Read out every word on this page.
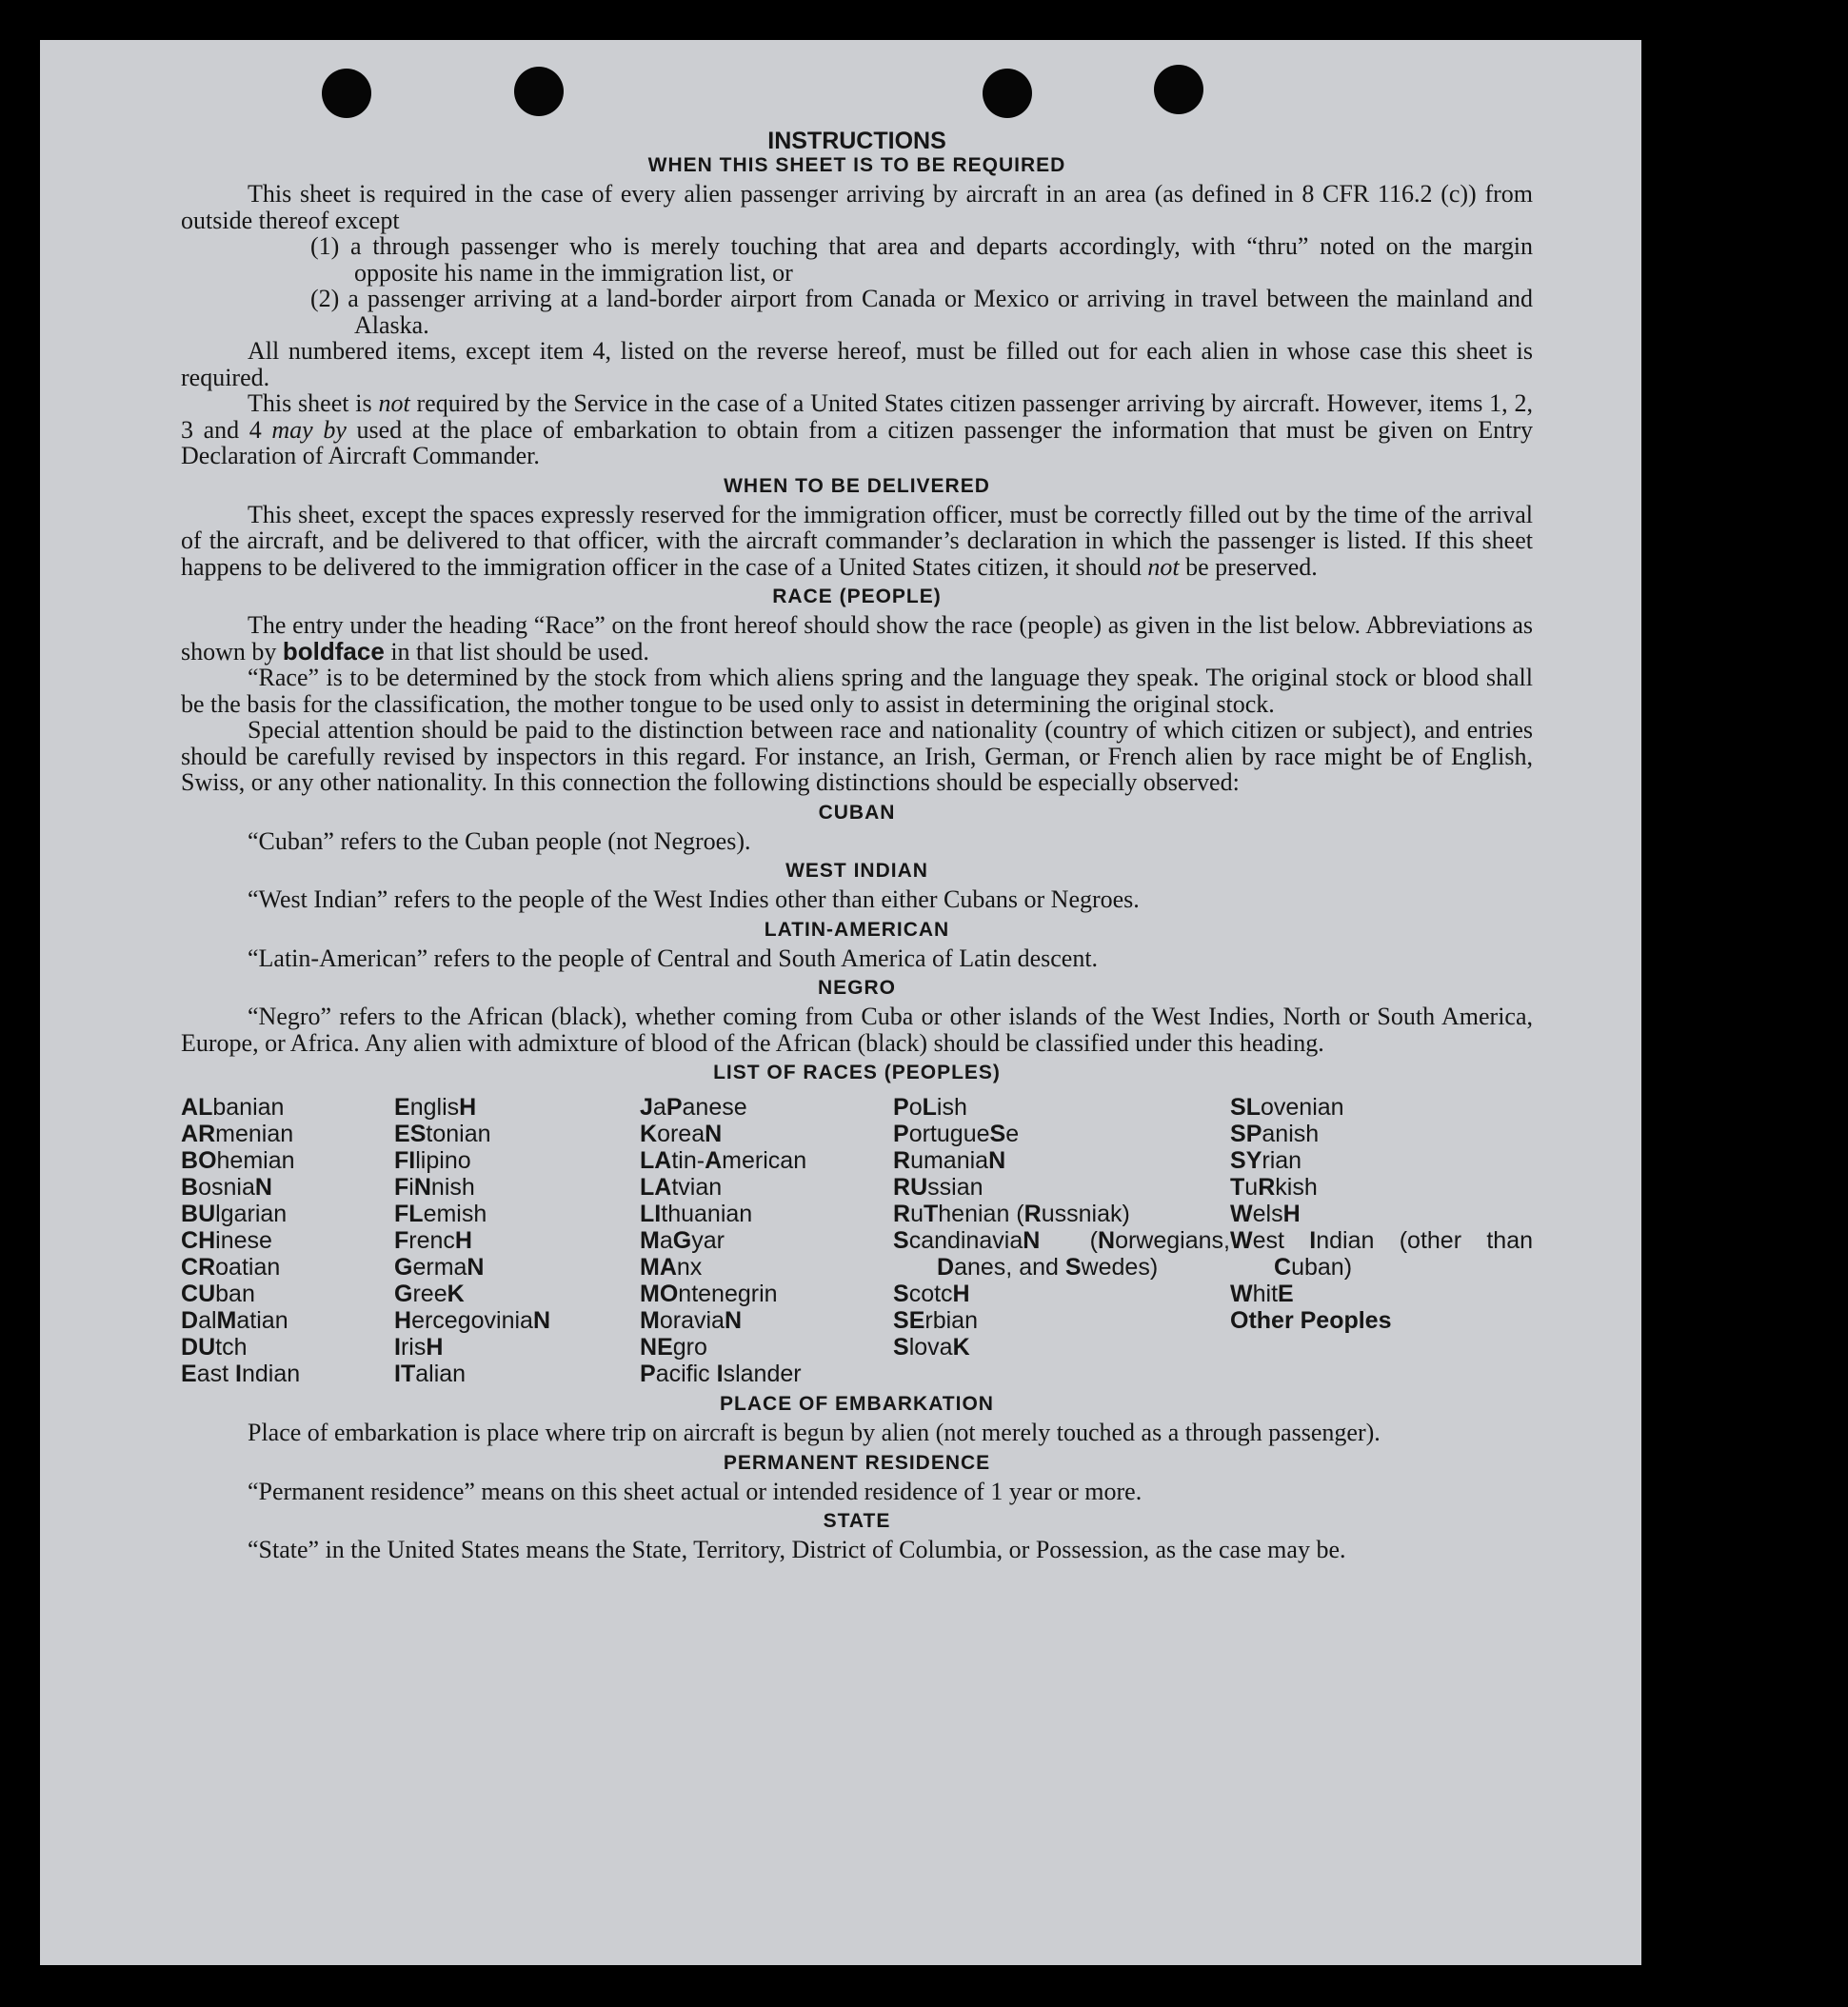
INSTRUCTIONS
WHEN THIS SHEET IS TO BE REQUIRED

This sheet is required in the case of every alien passenger arriving by aircraft in an area (as defined in 8 CFR 116.2 (c)) from outside thereof except

(1) a through passenger who is merely touching that area and departs accordingly, with “thru” noted on the margin opposite his name in the immigration list, or
(2) a passenger arriving at a land-border airport from Canada or Mexico or arriving in travel between the mainland and Alaska.

All numbered items, except item 4, listed on the reverse hereof, must be filled out for each alien in whose case this sheet is required.

This sheet is not required by the Service in the case of a United States citizen passenger arriving by aircraft. However, items 1, 2, 3 and 4 may by used at the place of embarkation to obtain from a citizen passenger the information that must be given on Entry Declaration of Aircraft Commander.

WHEN TO BE DELIVERED

This sheet, except the spaces expressly reserved for the immigration officer, must be correctly filled out by the time of the arrival of the aircraft, and be delivered to that officer, with the aircraft commander’s declaration in which the passenger is listed. If this sheet happens to be delivered to the immigration officer in the case of a United States citizen, it should not be preserved.

RACE (PEOPLE)

The entry under the heading “Race” on the front hereof should show the race (people) as given in the list below. Abbreviations as shown by boldface in that list should be used.

“Race” is to be determined by the stock from which aliens spring and the language they speak. The original stock or blood shall be the basis for the classification, the mother tongue to be used only to assist in determining the original stock.

Special attention should be paid to the distinction between race and nationality (country of which citizen or subject), and entries should be carefully revised by inspectors in this regard. For instance, an Irish, German, or French alien by race might be of English, Swiss, or any other nationality. In this connection the following distinctions should be especially observed:

CUBAN

“Cuban” refers to the Cuban people (not Negroes).

WEST INDIAN

“West Indian” refers to the people of the West Indies other than either Cubans or Negroes.

LATIN-AMERICAN

“Latin-American” refers to the people of Central and South America of Latin descent.

NEGRO

“Negro” refers to the African (black), whether coming from Cuba or other islands of the West Indies, North or South America, Europe, or Africa. Any alien with admixture of blood of the African (black) should be classified under this heading.

LIST OF RACES (PEOPLES)
ALbanian
ARmenian
BOhemian
BosniaN
BUlgarian
CHinese
CRoatian
CUban
DalMatian
DUtch
East Indian
EnglisH
EStonian
FIlipino
FiNnish
FLemish
FrencH
GermaN
GreeK
HercegoviniaN
IrisH
ITalian
JaPanese
KoreaN
LAtin-American
LAtvian
LIthuanian
MaGyar
MAnx
MOntenegrin
MoraviaN
NEgro
Pacific Islander
PoLish
PortugueSe
RumaniaN
RUssian
RuThenian (Russniak)
ScandinaviaN (Norwegians, Danes, and Swedes)
ScotcH
SErbian
SlovaK
SLovenian
SPanish
SYrian
TuRkish
WelsH
West Indian (other than Cuban)
WhitE
Other Peoples
PLACE OF EMBARKATION

Place of embarkation is place where trip on aircraft is begun by alien (not merely touched as a through passenger).

PERMANENT RESIDENCE

“Permanent residence” means on this sheet actual or intended residence of 1 year or more.

STATE

“State” in the United States means the State, Territory, District of Columbia, or Possession, as the case may be.
